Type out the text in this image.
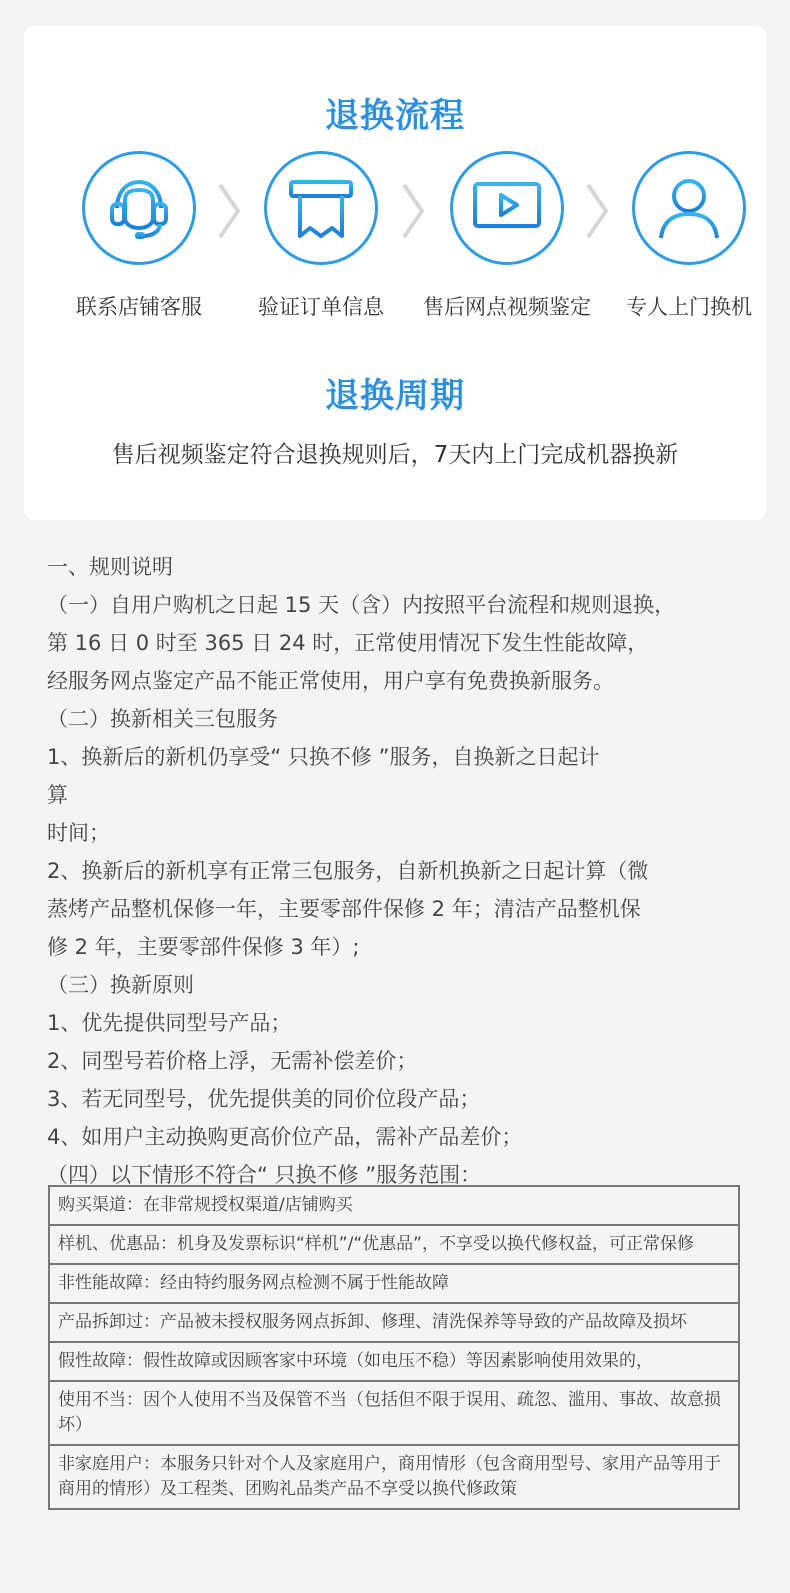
退换流程
联系店铺客服	验证订单信息	售后网点视频鉴定	专人上门换机
退换周期
售后视频鉴定符合退换规则后，7天内上门完成机器换新

一、规则说明

（一）自用户购机之日起 15 天（含）内按照平台流程和规则退换，

第 16 日 0 时至 365 日 24 时，正常使用情况下发生性能故障，

经服务网点鉴定产品不能正常使用，用户享有免费换新服务。

（二）换新相关三包服务

1、换新后的新机仍享受“ 只换不修 ”服务，自换新之日起计

算

时间；

2、换新后的新机享有正常三包服务，自新机换新之日起计算（微

蒸烤产品整机保修一年，主要零部件保修 2 年；清洁产品整机保

修 2 年，主要零部件保修 3 年）;

（三）换新原则

1、优先提供同型号产品；

2、同型号若价格上浮，无需补偿差价；

3、若无同型号，优先提供美的同价位段产品；

4、如用户主动换购更高价位产品，需补产品差价；

（四）以下情形不符合“ 只换不修 ”服务范围：

购买渠道：在非常规授权渠道/店铺购买
样机、优惠品：机身及发票标识“样机”/“优惠品”，不享受以换代修权益，可正常保修
非性能故障：经由特约服务网点检测不属于性能故障
产品拆卸过：产品被未授权服务网点拆卸、修理、清洗保养等导致的产品故障及损坏
假性故障：假性故障或因顾客家中环境（如电压不稳）等因素影响使用效果的，
使用不当：因个人使用不当及保管不当（包括但不限于误用、疏忽、滥用、事故、故意损坏）
非家庭用户：本服务只针对个人及家庭用户，商用情形（包含商用型号、家用产品等用于商用的情形）及工程类、团购礼品类产品不享受以换代修政策
